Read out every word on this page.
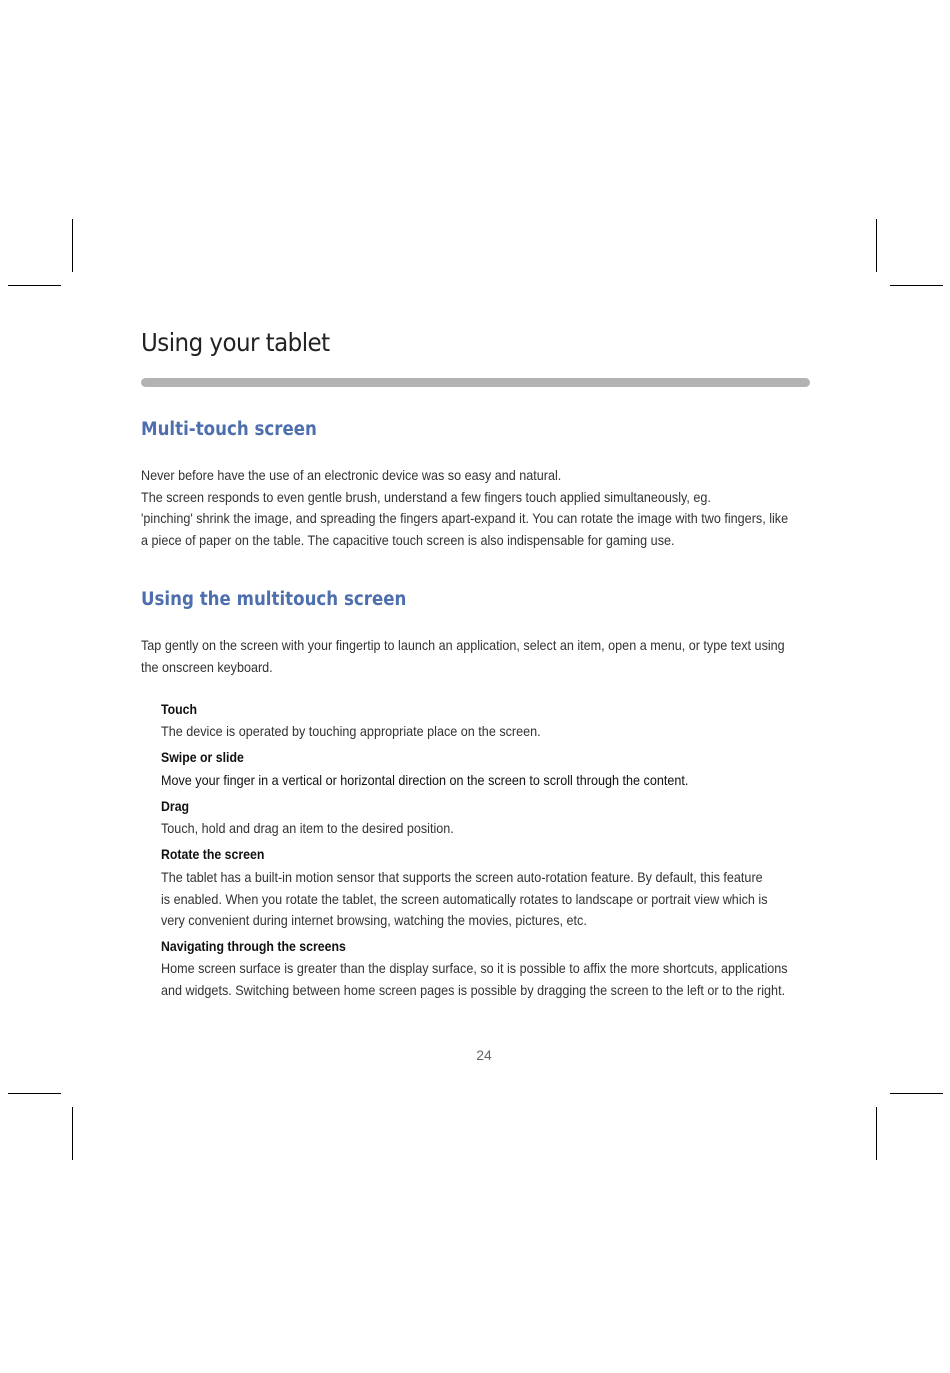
Using your tablet
Multi-touch screen

Never before have the use of an electronic device was so easy and natural.
The screen responds to even gentle brush, understand a few fingers touch applied simultaneously, eg.
'pinching' shrink the image, and spreading the fingers apart-expand it. You can rotate the image with two fingers, like
a piece of paper on the table. The capacitive touch screen is also indispensable for gaming use.

Using the multitouch screen

Tap gently on the screen with your fingertip to launch an application, select an item, open a menu, or type text using
the onscreen keyboard.

Touch

The device is operated by touching appropriate place on the screen.

Swipe or slide

Move your finger in a vertical or horizontal direction on the screen to scroll through the content.

Drag

Touch, hold and drag an item to the desired position.

Rotate the screen

The tablet has a built-in motion sensor that supports the screen auto-rotation feature. By default, this feature
is enabled. When you rotate the tablet, the screen automatically rotates to landscape or portrait view which is
very convenient during internet browsing, watching the movies, pictures, etc.

Navigating through the screens

Home screen surface is greater than the display surface, so it is possible to affix the more shortcuts, applications
and widgets. Switching between home screen pages is possible by dragging the screen to the left or to the right.

24
